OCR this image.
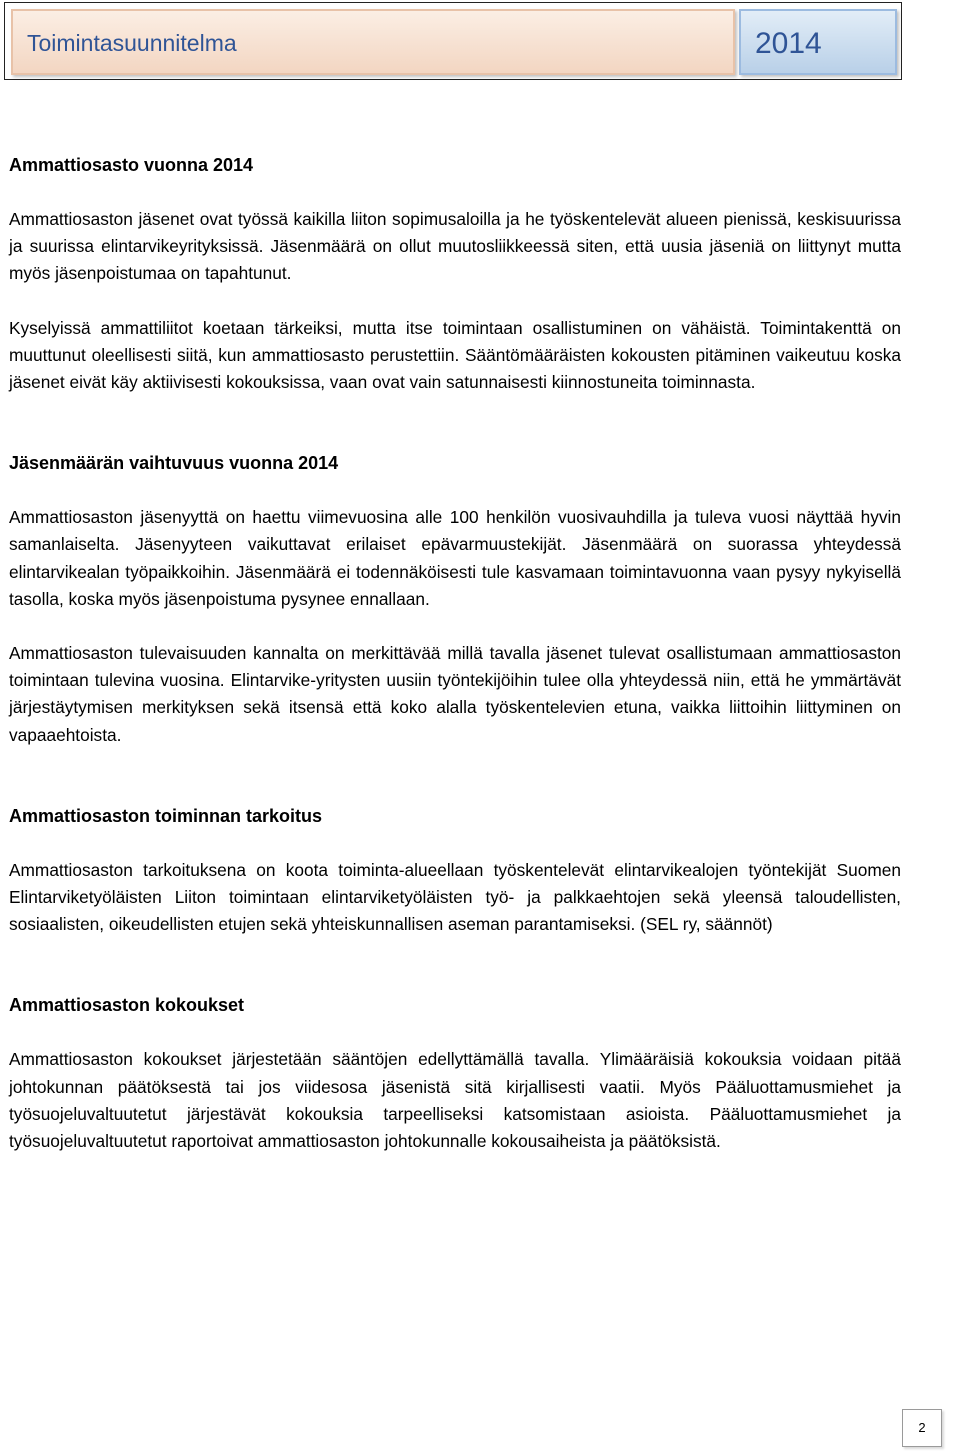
Toimintasuunnitelma	2014
Ammattiosasto vuonna 2014

Ammattiosaston jäsenet ovat työssä kaikilla liiton sopimusaloilla ja he työskentelevät alueen pienissä, keskisuurissa ja suurissa elintarvikeyrityksissä. Jäsenmäärä on ollut muutosliikkeessä siten, että uusia jäseniä on liittynyt mutta myös jäsenpoistumaa on tapahtunut.

Kyselyissä ammattiliitot koetaan tärkeiksi, mutta itse toimintaan osallistuminen on vähäistä. Toimintakenttä on muuttunut oleellisesti siitä, kun ammattiosasto perustettiin. Sääntömääräisten kokousten pitäminen vaikeutuu koska jäsenet eivät käy aktiivisesti kokouksissa, vaan ovat vain satunnaisesti kiinnostuneita toiminnasta.

Jäsenmäärän vaihtuvuus vuonna 2014

Ammattiosaston jäsenyyttä on haettu viimevuosina alle 100 henkilön vuosivauhdilla ja tuleva vuosi näyttää hyvin samanlaiselta. Jäsenyyteen vaikuttavat erilaiset epävarmuustekijät. Jäsenmäärä on suorassa yhteydessä elintarvikealan työpaikkoihin. Jäsenmäärä ei todennäköisesti tule kasvamaan toimintavuonna vaan pysyy nykyisellä tasolla, koska myös jäsenpoistuma pysynee ennallaan.

Ammattiosaston tulevaisuuden kannalta on merkittävää millä tavalla jäsenet tulevat osallistumaan ammattiosaston toimintaan tulevina vuosina. Elintarvike-yritysten uusiin työntekijöihin tulee olla yhteydessä niin, että he ymmärtävät järjestäytymisen merkityksen sekä itsensä että koko alalla työskentelevien etuna, vaikka liittoihin liittyminen on vapaaehtoista.

Ammattiosaston toiminnan tarkoitus

Ammattiosaston tarkoituksena on koota toiminta-alueellaan työskentelevät elintarvikealojen työntekijät Suomen Elintarviketyöläisten Liiton toimintaan elintarviketyöläisten työ- ja palkkaehtojen sekä yleensä taloudellisten, sosiaalisten, oikeudellisten etujen sekä yhteiskunnallisen aseman parantamiseksi. (SEL ry, säännöt)

Ammattiosaston kokoukset

Ammattiosaston kokoukset järjestetään sääntöjen edellyttämällä tavalla. Ylimääräisiä kokouksia voidaan pitää johtokunnan päätöksestä tai jos viidesosa jäsenistä sitä kirjallisesti vaatii. Myös Pääluottamusmiehet ja työsuojeluvaltuutetut järjestävät kokouksia tarpeelliseksi katsomistaan asioista. Pääluottamusmiehet ja työsuojeluvaltuutetut raportoivat ammattiosaston johtokunnalle kokousaiheista ja päätöksistä.

2
